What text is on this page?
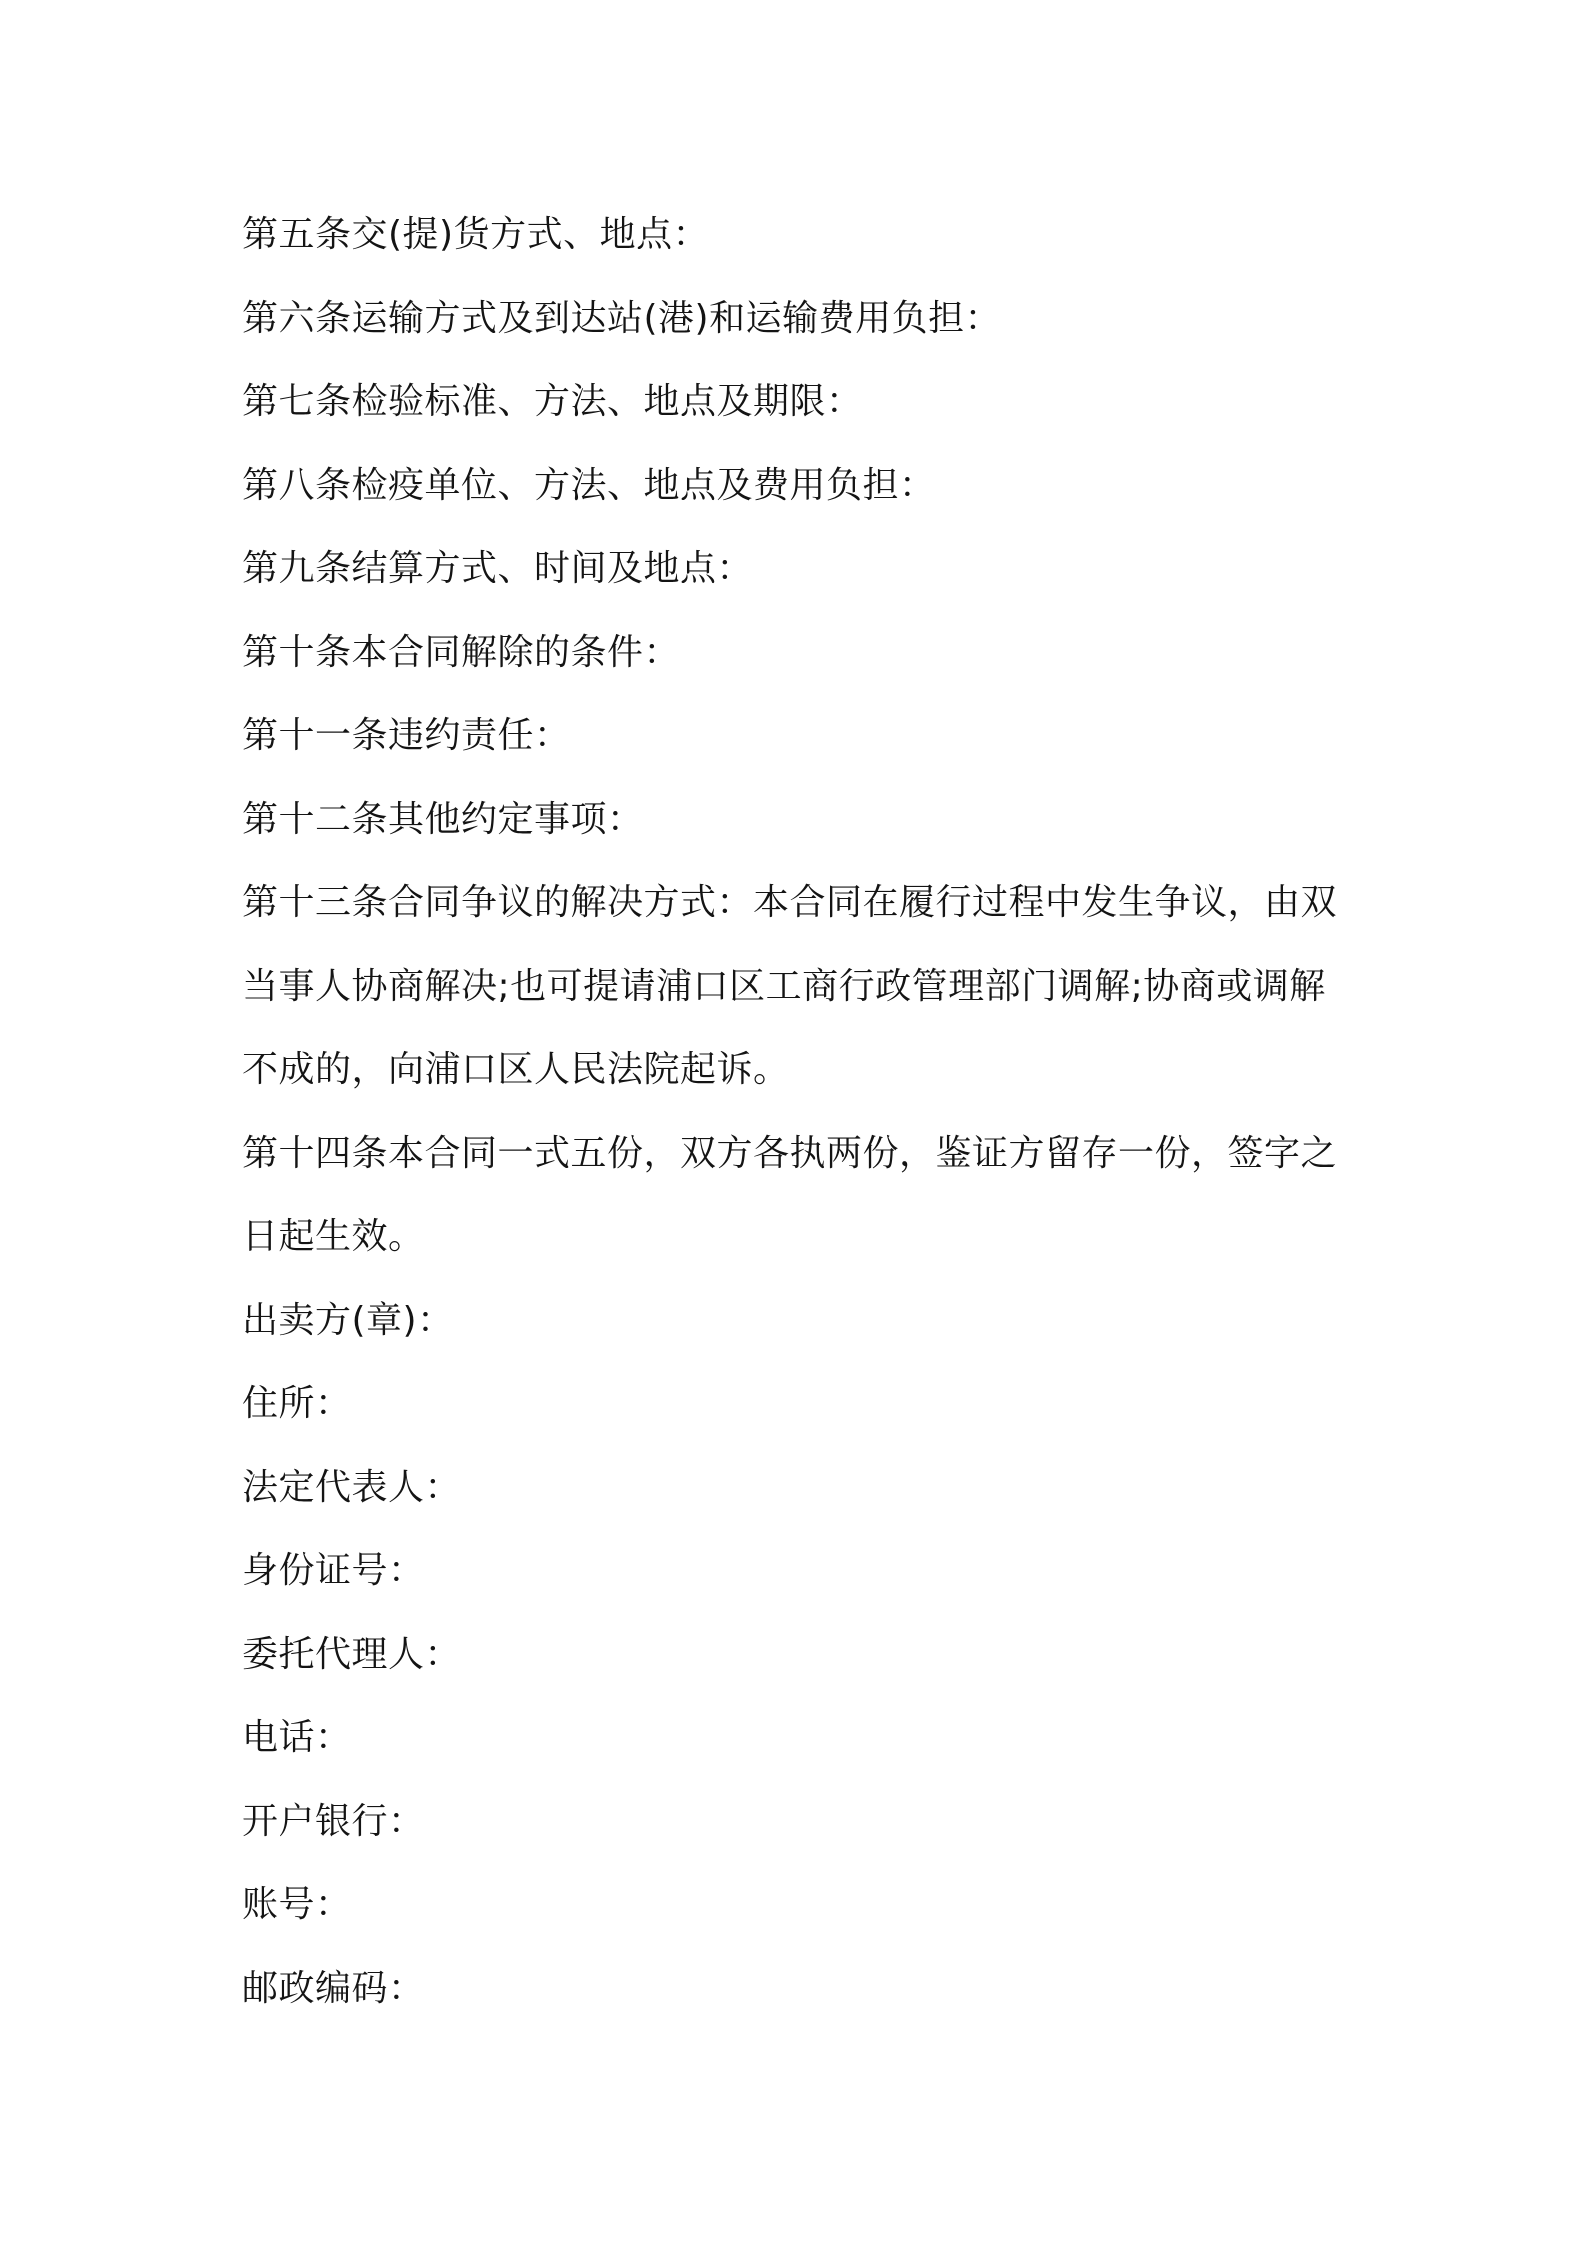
第五条交(提)货方式、地点：

第六条运输方式及到达站(港)和运输费用负担：

第七条检验标准、方法、地点及期限：

第八条检疫单位、方法、地点及费用负担：

第九条结算方式、时间及地点：

第十条本合同解除的条件：

第十一条违约责任：

第十二条其他约定事项：

第十三条合同争议的解决方式：本合同在履行过程中发生争议，由双当事人协商解决;也可提请浦口区工商行政管理部门调解;协商或调解不成的，向浦口区人民法院起诉。

第十四条本合同一式五份，双方各执两份，鉴证方留存一份，签字之日起生效。

出卖方(章)：

住所：

法定代表人：

身份证号：

委托代理人：

电话：

开户银行：

账号：

邮政编码：
